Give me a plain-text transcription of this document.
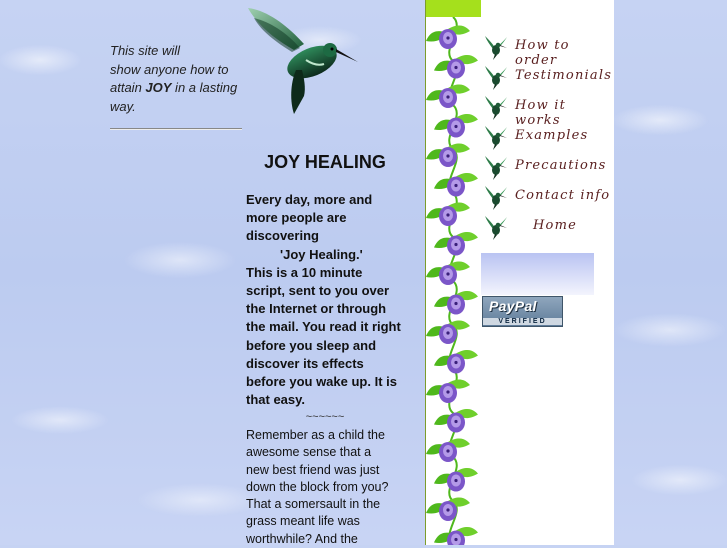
This site will
show anyone how to
attain JOY in a lasting
way.
JOY HEALING
Every day, more and
more people are
discovering

'Joy Healing.'
This is a 10 minute
script, sent to you over
the Internet or through
the mail. You read it right
before you sleep and
discover its effects
before you wake up. It is
that easy.
~~~~~~
Remember as a child the
awesome sense that a
new best friend was just
down the block from you?
That a somersault in the
grass meant life was
worthwhile? And the
How to order
Testimonials
How it works
Examples
Precautions
Contact info
Home
PayPal
VERIFIED
